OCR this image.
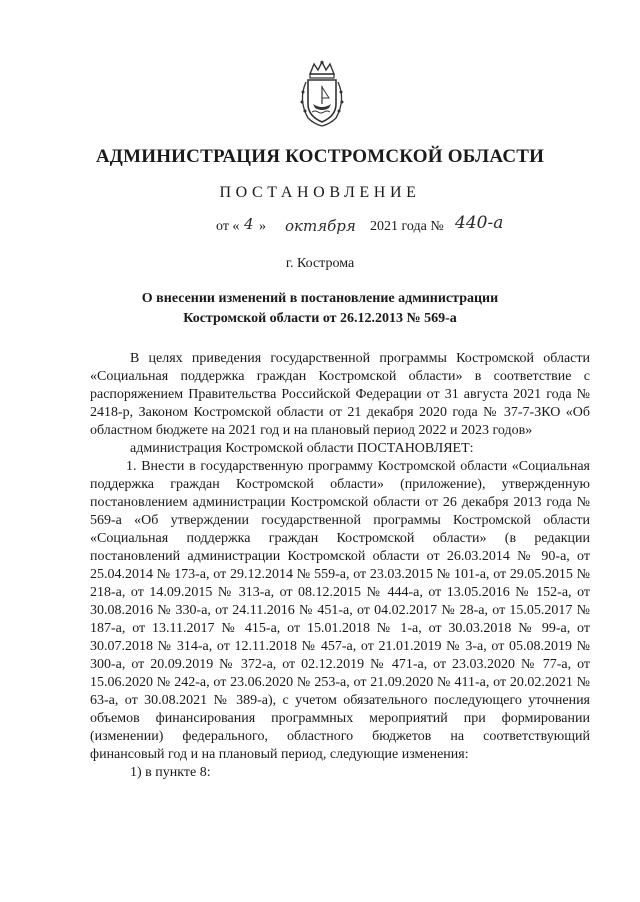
АДМИНИСТРАЦИЯ КОСТРОМСКОЙ ОБЛАСТИ
ПОСТАНОВЛЕНИЕ
от « 4 » октября 2021 года № 440-а
г. Кострома
О внесении изменений в постановление администрации
Костромской области от 26.12.2013 № 569-а

В целях приведения государственной программы Костромской области «Социальная поддержка граждан Костромской области» в соответствие с распоряжением Правительства Российской Федерации от 31 августа 2021 года № 2418-р, Законом Костромской области от 21 декабря 2020 года № 37-7-ЗКО «Об областном бюджете на 2021 год и на плановый период 2022 и 2023 годов»

администрация Костромской области ПОСТАНОВЛЯЕТ:

1. Внести в государственную программу Костромской области «Социальная поддержка граждан Костромской области» (приложение), утвержденную постановлением администрации Костромской области от 26 декабря 2013 года № 569-а «Об утверждении государственной программы Костромской области «Социальная поддержка граждан Костромской области» (в редакции постановлений администрации Костромской области от 26.03.2014 № 90-а, от 25.04.2014 № 173-а, от 29.12.2014 № 559-а, от 23.03.2015 № 101-а, от 29.05.2015 № 218-а, от 14.09.2015 № 313-а, от 08.12.2015 № 444-а, от 13.05.2016 № 152-а, от 30.08.2016 № 330-а, от 24.11.2016 № 451-а, от 04.02.2017 № 28-а, от 15.05.2017 № 187-а, от 13.11.2017 № 415-а, от 15.01.2018 № 1-а, от 30.03.2018 № 99-а, от 30.07.2018 № 314-а, от 12.11.2018 № 457-а, от 21.01.2019 № 3-а, от 05.08.2019 № 300-а, от 20.09.2019 № 372-а, от 02.12.2019 № 471-а, от 23.03.2020 № 77-а, от 15.06.2020 № 242-а, от 23.06.2020 № 253-а, от 21.09.2020 № 411-а, от 20.02.2021 № 63-а, от 30.08.2021 № 389-а), с учетом обязательного последующего уточнения объемов финансирования программных мероприятий при формировании (изменении) федерального, областного бюджетов на соответствующий финансовый год и на плановый период, следующие изменения:

1) в пункте 8:
